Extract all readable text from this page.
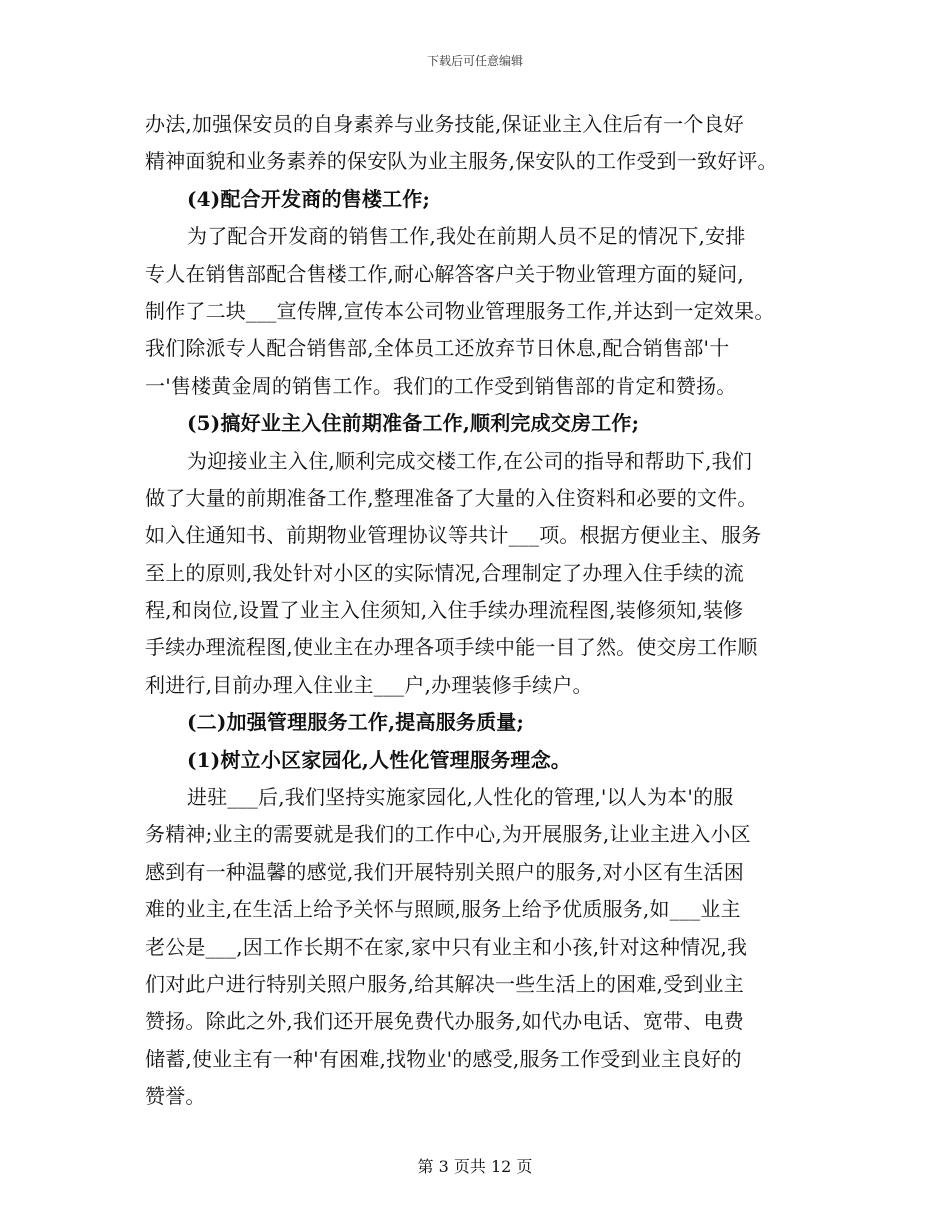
下载后可任意编辑
办法,加强保安员的自身素养与业务技能,保证业主入住后有一个良好
精神面貌和业务素养的保安队为业主服务,保安队的工作受到一致好评。
(4)配合开发商的售楼工作;
为了配合开发商的销售工作,我处在前期人员不足的情况下,安排
专人在销售部配合售楼工作,耐心解答客户关于物业管理方面的疑问,
制作了二块___宣传牌,宣传本公司物业管理服务工作,并达到一定效果。
我们除派专人配合销售部,全体员工还放弃节日休息,配合销售部'十
一'售楼黄金周的销售工作。我们的工作受到销售部的肯定和赞扬。
(5)搞好业主入住前期准备工作,顺利完成交房工作;
为迎接业主入住,顺利完成交楼工作,在公司的指导和帮助下,我们
做了大量的前期准备工作,整理准备了大量的入住资料和必要的文件。
如入住通知书、前期物业管理协议等共计___项。根据方便业主、服务
至上的原则,我处针对小区的实际情况,合理制定了办理入住手续的流
程,和岗位,设置了业主入住须知,入住手续办理流程图,装修须知,装修
手续办理流程图,使业主在办理各项手续中能一目了然。使交房工作顺
利进行,目前办理入住业主___户,办理装修手续户。
(二)加强管理服务工作,提高服务质量;
(1)树立小区家园化,人性化管理服务理念。
进驻___后,我们坚持实施家园化,人性化的管理,'以人为本'的服
务精神;业主的需要就是我们的工作中心,为开展服务,让业主进入小区
感到有一种温馨的感觉,我们开展特别关照户的服务,对小区有生活困
难的业主,在生活上给予关怀与照顾,服务上给予优质服务,如___业主
老公是___,因工作长期不在家,家中只有业主和小孩,针对这种情况,我
们对此户进行特别关照户服务,给其解决一些生活上的困难,受到业主
赞扬。除此之外,我们还开展免费代办服务,如代办电话、宽带、电费
储蓄,使业主有一种'有困难,找物业'的感受,服务工作受到业主良好的
赞誉。
第 3 页共 12 页
